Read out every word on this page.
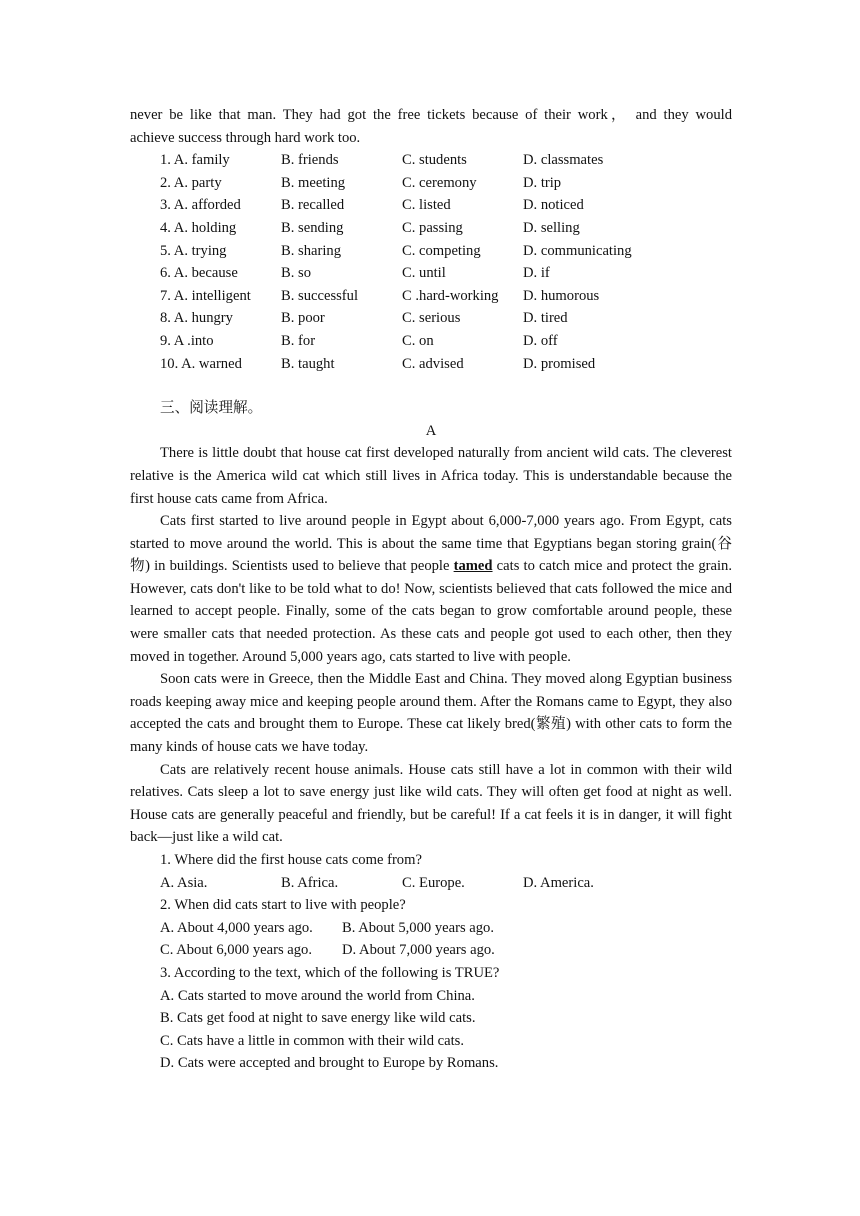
never be like that man. They had got the free tickets because of their work， and they would
achieve success through hard work too.
1. A. family	B. friends	C. students	D. classmates
2. A. party	B. meeting	C. ceremony	D. trip
3. A. afforded	B. recalled	C. listed	D. noticed
4. A. holding	B. sending	C. passing	D. selling
5. A. trying	B. sharing	C. competing	D. communicating
6. A. because	B. so	C. until	D. if
7. A. intelligent	B. successful	C .hard-working	D. humorous
8. A. hungry	B. poor	C. serious	D. tired
9. A .into	B. for	C. on	D. off
10. A. warned	B. taught	C. advised	D. promised
三、阅读理解。
A
There is little doubt that house cat first developed naturally from ancient wild cats. The cleverest relative is the America wild cat which still lives in Africa today. This is understandable because the first house cats came from Africa.
Cats first started to live around people in Egypt about 6,000-7,000 years ago. From Egypt, cats started to move around the world. This is about the same time that Egyptians began storing grain(谷物) in buildings. Scientists used to believe that people tamed cats to catch mice and protect the grain. However, cats don't like to be told what to do! Now, scientists believed that cats followed the mice and learned to accept people. Finally, some of the cats began to grow comfortable around people, these were smaller cats that needed protection. As these cats and people got used to each other, then they moved in together. Around 5,000 years ago, cats started to live with people.
Soon cats were in Greece, then the Middle East and China. They moved along Egyptian business roads keeping away mice and keeping people around them. After the Romans came to Egypt, they also accepted the cats and brought them to Europe. These cat likely bred(繁殖) with other cats to form the many kinds of house cats we have today.
Cats are relatively recent house animals. House cats still have a lot in common with their wild relatives. Cats sleep a lot to save energy just like wild cats. They will often get food at night as well. House cats are generally peaceful and friendly, but be careful! If a cat feels it is in danger, it will fight back—just like a wild cat.
1. Where did the first house cats come from?
A. Asia.	B. Africa.	C. Europe.	D. America.
2. When did cats start to live with people?
A. About 4,000 years ago.	B. About 5,000 years ago.
C. About 6,000 years ago.	D. About 7,000 years ago.
3. According to the text, which of the following is TRUE?
A. Cats started to move around the world from China.
B. Cats get food at night to save energy like wild cats.
C. Cats have a little in common with their wild cats.
D. Cats were accepted and brought to Europe by Romans.
